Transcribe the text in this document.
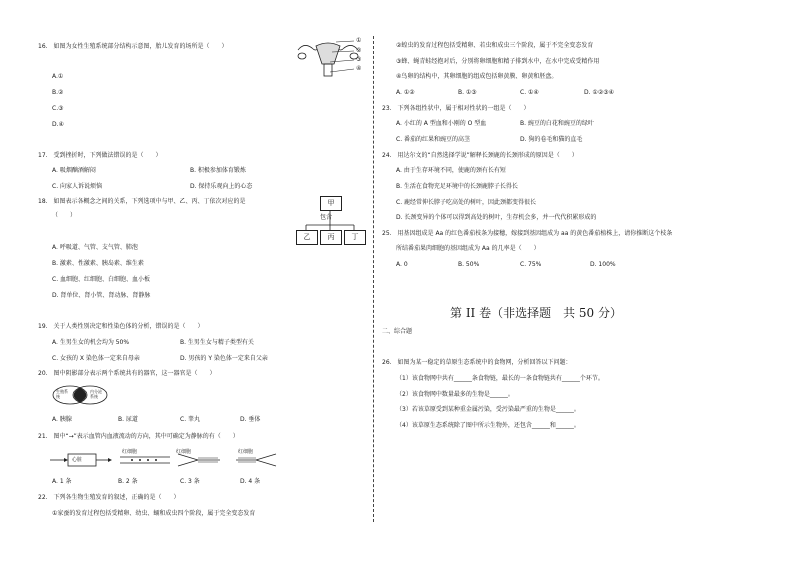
16.　如图为女性生殖系统部分结构示意图，胎儿发育的场所是（　　）
A.①
B.②
C.③
D.④
①
②
③
④
17.　受到挫折时，下列做法错误的是（　　）
A. 吸烟酗酒解闷	B. 积极参加体育锻炼
C. 向家人诉说烦恼	D. 保持乐观向上的心态
18.　如图表示各概念之间的关系，下列选项中与甲、乙、丙、丁依次对应的是
（　　）
甲
包含
乙	丙	丁
A. 呼吸道、气管、支气管、肺泡
B. 激素、性激素、胰岛素、维生素
C. 血细胞、红细胞、白细胞、血小板
D. 肾单位、肾小管、肾动脉、肾静脉
19.　关于人类性别决定和性染色体的分析，错误的是（　　）
A. 生男生女的机会均为 50%	B. 生男生女与精子类型有关
C. 女孩的 X 染色体一定来自母亲	D. 男孩的 Y 染色体一定来自父亲
20.　图中阴影部分表示两个系统共有的器官，这一器官是（　　）
生殖系统
内分泌系统
A. 胰腺	B. 尿道	C. 睾丸	D. 垂体
21.　图中“→”表示血管内血液流动的方向，其中可确定为静脉的有（　　）
心脏
红细胞	红细胞	红细胞
A. 1 条	B. 2 条	C. 3 条	D. 4 条
22.　下列各生物生殖发育的叙述，正确的是（　　）
①家蚕的发育过程包括受精卵、幼虫、蛹和成虫四个阶段，属于完全变态发育
②蝗虫的发育过程包括受精卵、若虫和成虫三个阶段，属于不完全变态发育
③蜂、蝇青蛙经抱对后，分别将卵细胞和精子排到水中，在水中完成受精作用
④鸟卵的结构中，其卵细胞的组成包括卵黄膜、卵黄和胚盘。
A. ①②	B. ①③	C. ①④	D. ①②③④
23.　下列各组性状中，属于相对性状的一组是（　　）
A. 小红的 A 型血和小刚的 O 型血	B. 豌豆的白花和豌豆的绿叶
C. 番茄的红果和豌豆的高茎	D. 狗的卷毛和猫的直毛
24.　用达尔文的“自然选择学说”解释长颈鹿的长颈形成的原因是（　　）
A. 由于生存环境不同，使鹿的颈有长有短
B. 生活在食物充足环境中的长颈鹿脖子长得长
C. 鹿经常伸长脖子吃高处的树叶，因此颈都变得很长
D. 长颈变异的个体可以得到高处的树叶，生存机会多，并一代代积累形成的
25.　用基因组成是 Aa 的红色番茄枝条为接穗，嫁接到基因组成为 aa 的黄色番茄植株上，请你推断这个枝条
所结番茄果肉细胞的基因组成为 Aa 的几率是（　　）
A. 0	B. 50%	C. 75%	D. 100%
第 II 卷（非选择题　共 50 分）
二、综合题
26.　如图为某一稳定的草原生态系统中的食物网，分析回答以下问题：
（1）该食物网中共有______条食物链，最长的一条食物链共有______个环节。
（2）该食物网中数量最多的生物是______。
（3）若该草原受到某种重金属污染，受污染最严重的生物是______。
（4）该草原生态系统除了图中所示生物外，还包含______和______。
